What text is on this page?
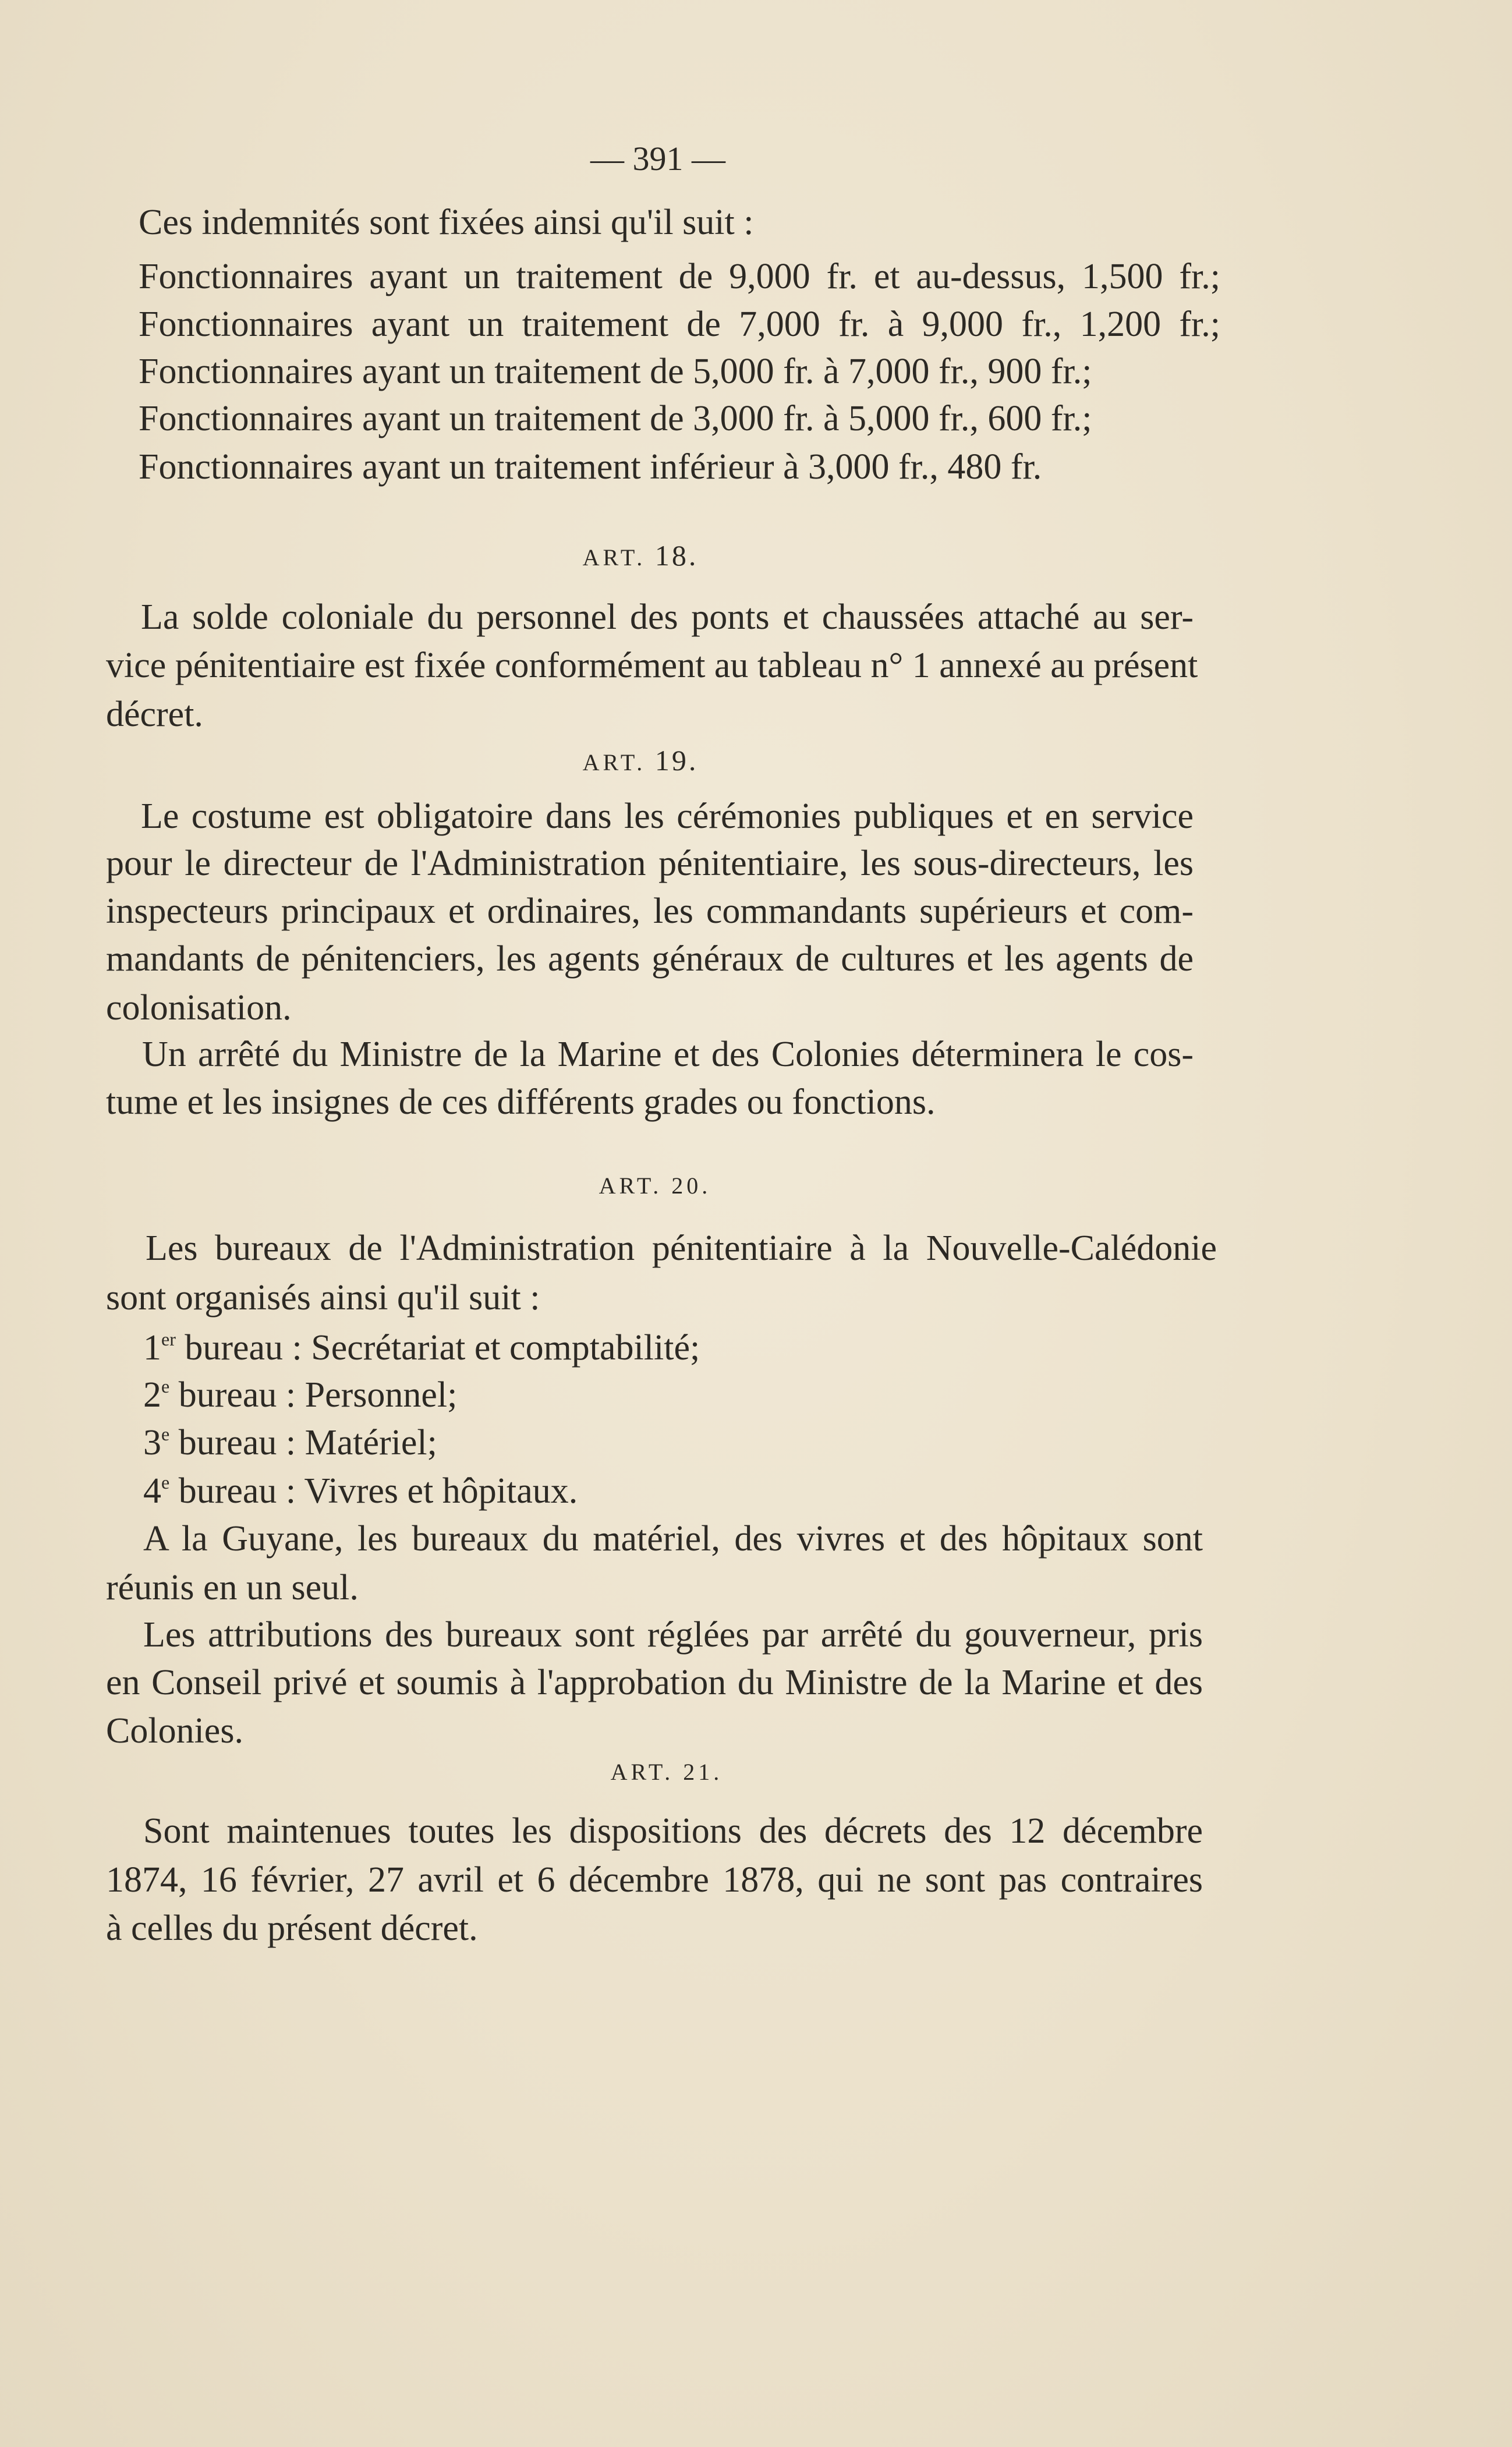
— 391 —

Ces indemnités sont fixées ainsi qu'il suit :

Fonctionnaires ayant un traitement de 9,000 fr. et au-dessus, 1,500 fr.;

Fonctionnaires ayant un traitement de 7,000 fr. à 9,000 fr., 1,200 fr.;

Fonctionnaires ayant un traitement de 5,000 fr. à 7,000 fr., 900 fr.;

Fonctionnaires ayant un traitement de 3,000 fr. à 5,000 fr., 600 fr.;

Fonctionnaires ayant un traitement inférieur à 3,000 fr., 480 fr.

ART. 18.

La solde coloniale du personnel des ponts et chaussées attaché au ser-

vice pénitentiaire est fixée conformément au tableau n° 1 annexé au présent

décret.

ART. 19.

Le costume est obligatoire dans les cérémonies publiques et en service

pour le directeur de l'Administration pénitentiaire, les sous-directeurs, les

inspecteurs principaux et ordinaires, les commandants supérieurs et com-

mandants de pénitenciers, les agents généraux de cultures et les agents de

colonisation.

Un arrêté du Ministre de la Marine et des Colonies déterminera le cos-

tume et les insignes de ces différents grades ou fonctions.

ART. 20.

Les bureaux de l'Administration pénitentiaire à la Nouvelle-Calédonie

sont organisés ainsi qu'il suit :

1er bureau : Secrétariat et comptabilité;

2e bureau : Personnel;

3e bureau : Matériel;

4e bureau : Vivres et hôpitaux.

A la Guyane, les bureaux du matériel, des vivres et des hôpitaux sont

réunis en un seul.

Les attributions des bureaux sont réglées par arrêté du gouverneur, pris

en Conseil privé et soumis à l'approbation du Ministre de la Marine et des

Colonies.

ART. 21.

Sont maintenues toutes les dispositions des décrets des 12 décembre

1874, 16 février, 27 avril et 6 décembre 1878, qui ne sont pas contraires

à celles du présent décret.
